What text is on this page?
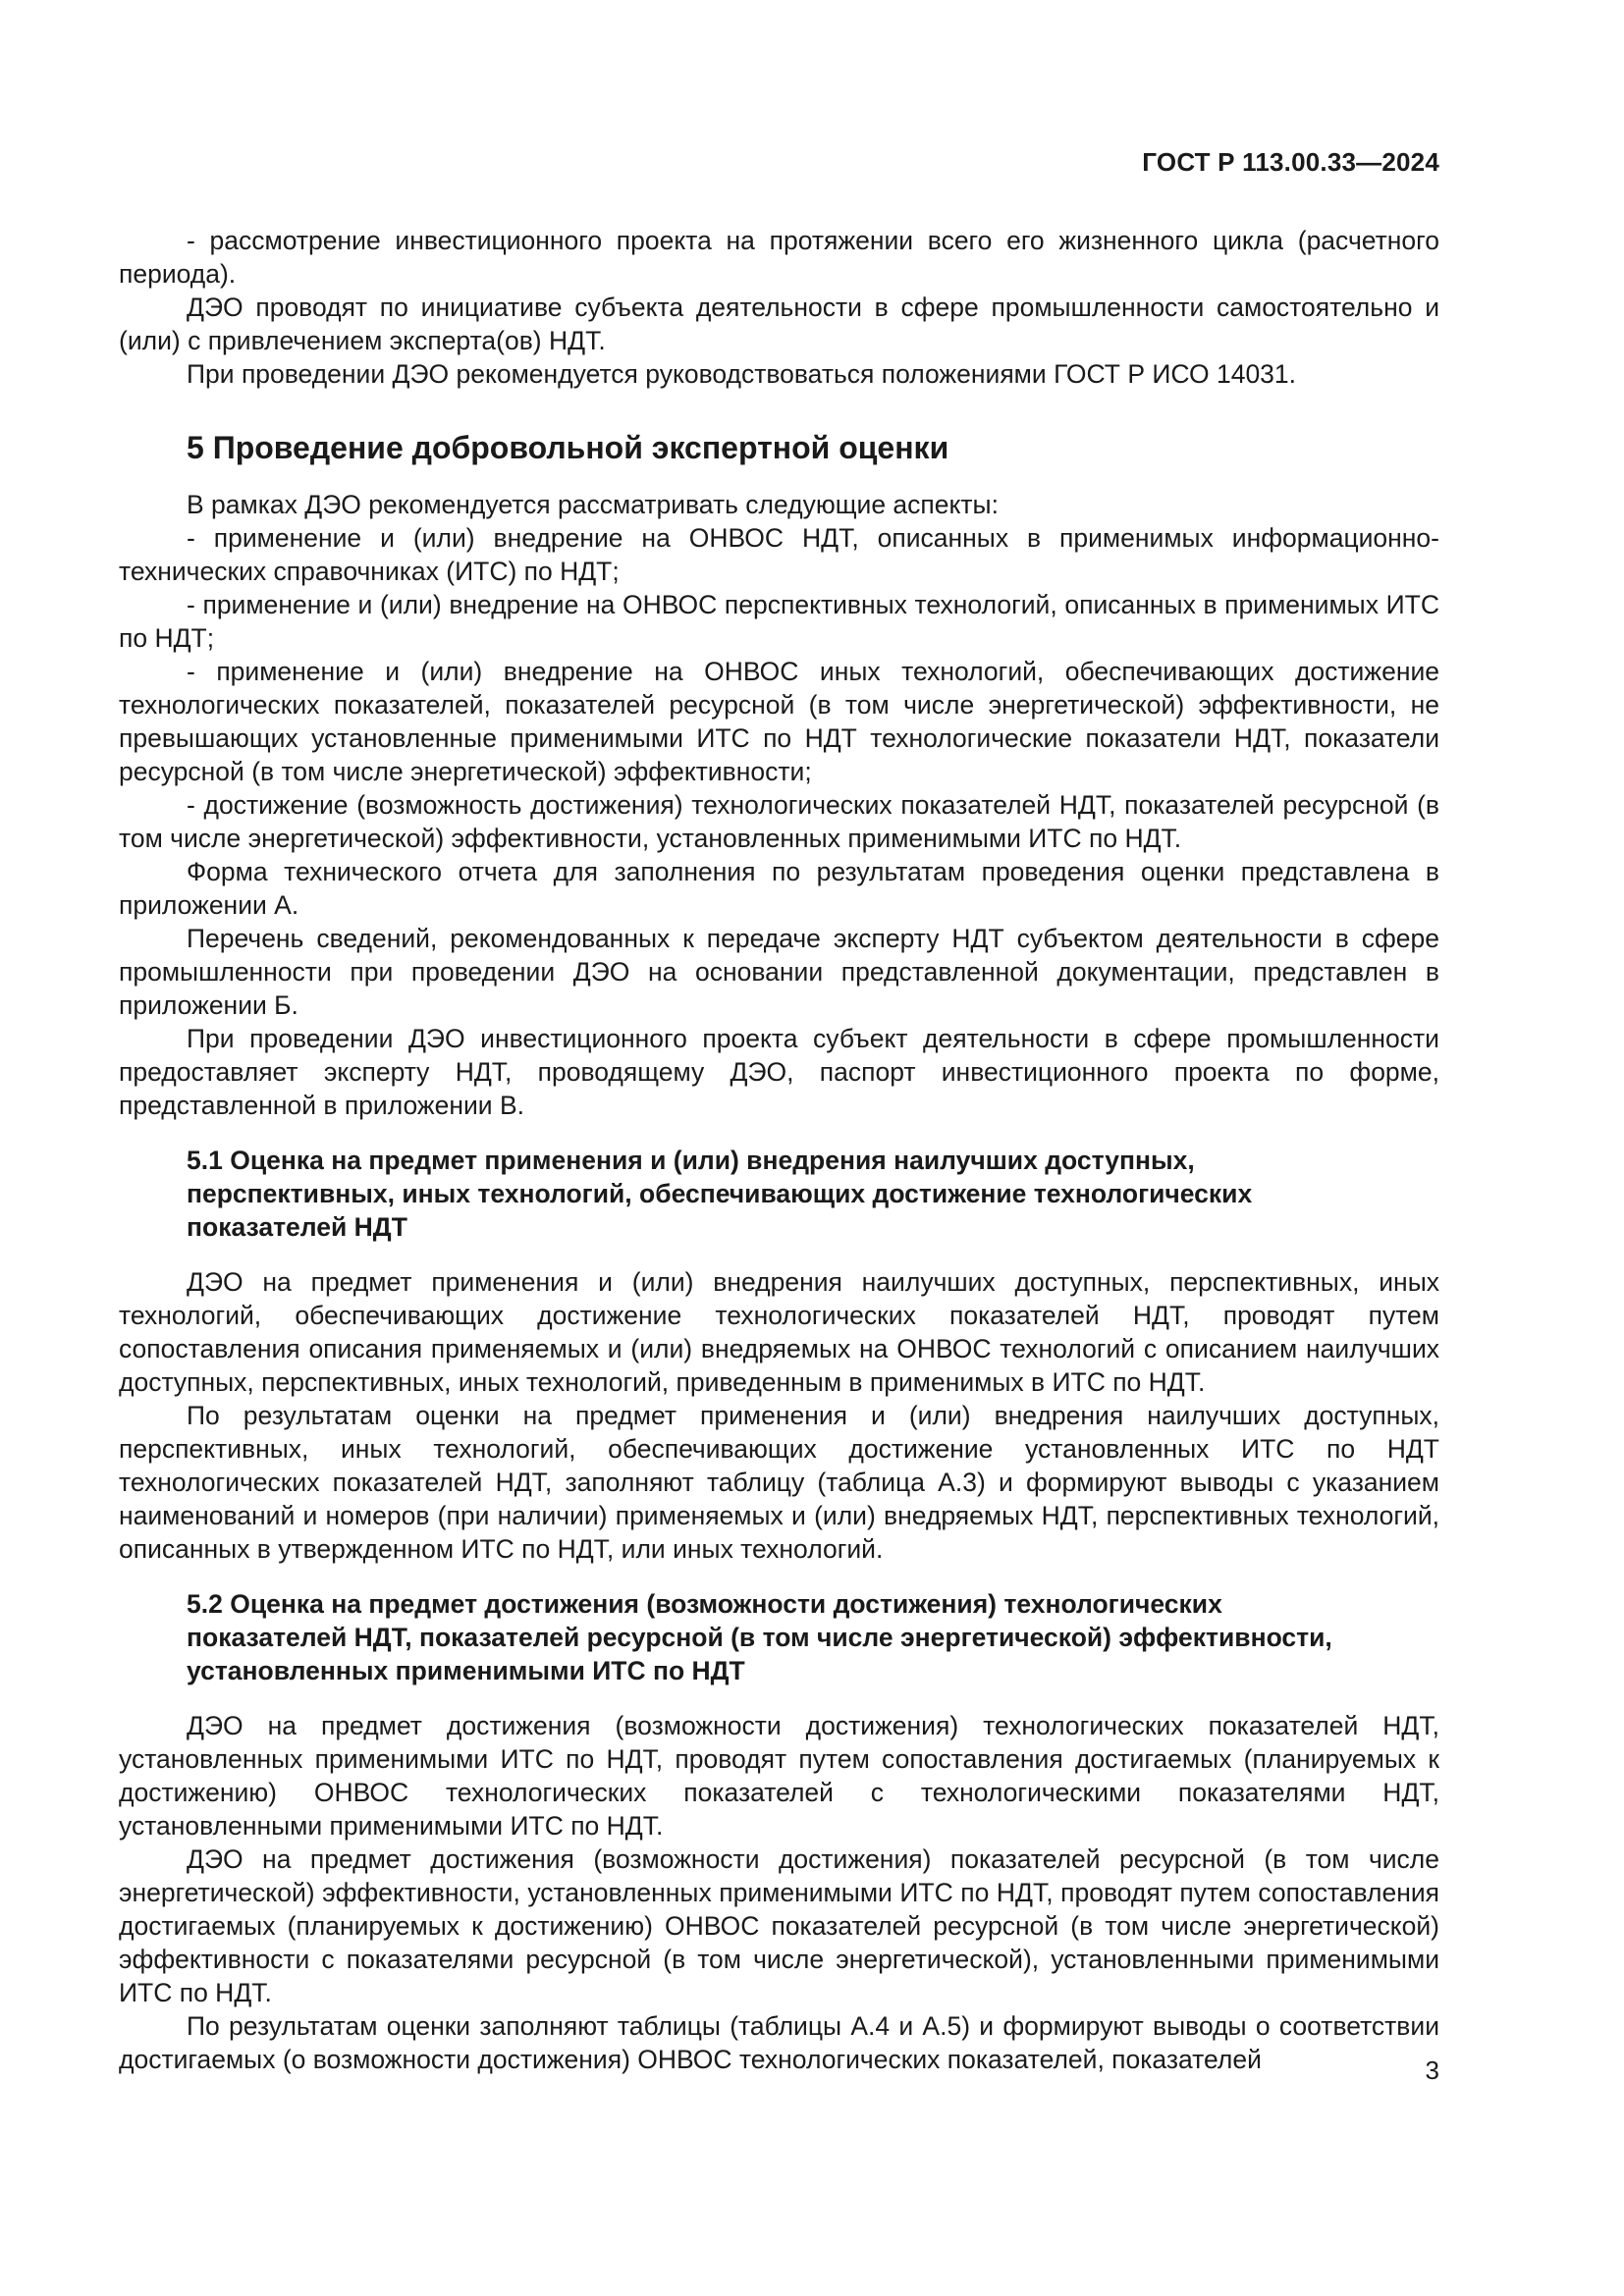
ГОСТ Р 113.00.33—2024

- рассмотрение инвестиционного проекта на протяжении всего его жизненного цикла (расчетного периода).

ДЭО проводят по инициативе субъекта деятельности в сфере промышленности самостоятельно и (или) с привлечением эксперта(ов) НДТ.

При проведении ДЭО рекомендуется руководствоваться положениями ГОСТ Р ИСО 14031.

5 Проведение добровольной экспертной оценки

В рамках ДЭО рекомендуется рассматривать следующие аспекты:

- применение и (или) внедрение на ОНВОС НДТ, описанных в применимых информационно-технических справочниках (ИТС) по НДТ;

- применение и (или) внедрение на ОНВОС перспективных технологий, описанных в применимых ИТС по НДТ;

- применение и (или) внедрение на ОНВОС иных технологий, обеспечивающих достижение технологических показателей, показателей ресурсной (в том числе энергетической) эффективности, не превышающих установленные применимыми ИТС по НДТ технологические показатели НДТ, показатели ресурсной (в том числе энергетической) эффективности;

- достижение (возможность достижения) технологических показателей НДТ, показателей ресурсной (в том числе энергетической) эффективности, установленных применимыми ИТС по НДТ.

Форма технического отчета для заполнения по результатам проведения оценки представлена в приложении А.

Перечень сведений, рекомендованных к передаче эксперту НДТ субъектом деятельности в сфере промышленности при проведении ДЭО на основании представленной документации, представлен в приложении Б.

При проведении ДЭО инвестиционного проекта субъект деятельности в сфере промышленности предоставляет эксперту НДТ, проводящему ДЭО, паспорт инвестиционного проекта по форме, представленной в приложении В.

5.1 Оценка на предмет применения и (или) внедрения наилучших доступных,
перспективных, иных технологий, обеспечивающих достижение технологических
показателей НДТ

ДЭО на предмет применения и (или) внедрения наилучших доступных, перспективных, иных технологий, обеспечивающих достижение технологических показателей НДТ, проводят путем сопоставления описания применяемых и (или) внедряемых на ОНВОС технологий с описанием наилучших доступных, перспективных, иных технологий, приведенным в применимых в ИТС по НДТ.

По результатам оценки на предмет применения и (или) внедрения наилучших доступных, перспективных, иных технологий, обеспечивающих достижение установленных ИТС по НДТ технологических показателей НДТ, заполняют таблицу (таблица А.3) и формируют выводы с указанием наименований и номеров (при наличии) применяемых и (или) внедряемых НДТ, перспективных технологий, описанных в утвержденном ИТС по НДТ, или иных технологий.

5.2 Оценка на предмет достижения (возможности достижения) технологических
показателей НДТ, показателей ресурсной (в том числе энергетической) эффективности,
установленных применимыми ИТС по НДТ

ДЭО на предмет достижения (возможности достижения) технологических показателей НДТ, установленных применимыми ИТС по НДТ, проводят путем сопоставления достигаемых (планируемых к достижению) ОНВОС технологических показателей с технологическими показателями НДТ, установленными применимыми ИТС по НДТ.

ДЭО на предмет достижения (возможности достижения) показателей ресурсной (в том числе энергетической) эффективности, установленных применимыми ИТС по НДТ, проводят путем сопоставления достигаемых (планируемых к достижению) ОНВОС показателей ресурсной (в том числе энергетической) эффективности с показателями ресурсной (в том числе энергетической), установленными применимыми ИТС по НДТ.

По результатам оценки заполняют таблицы (таблицы А.4 и А.5) и формируют выводы о соответствии достигаемых (о возможности достижения) ОНВОС технологических показателей, показателей	3
